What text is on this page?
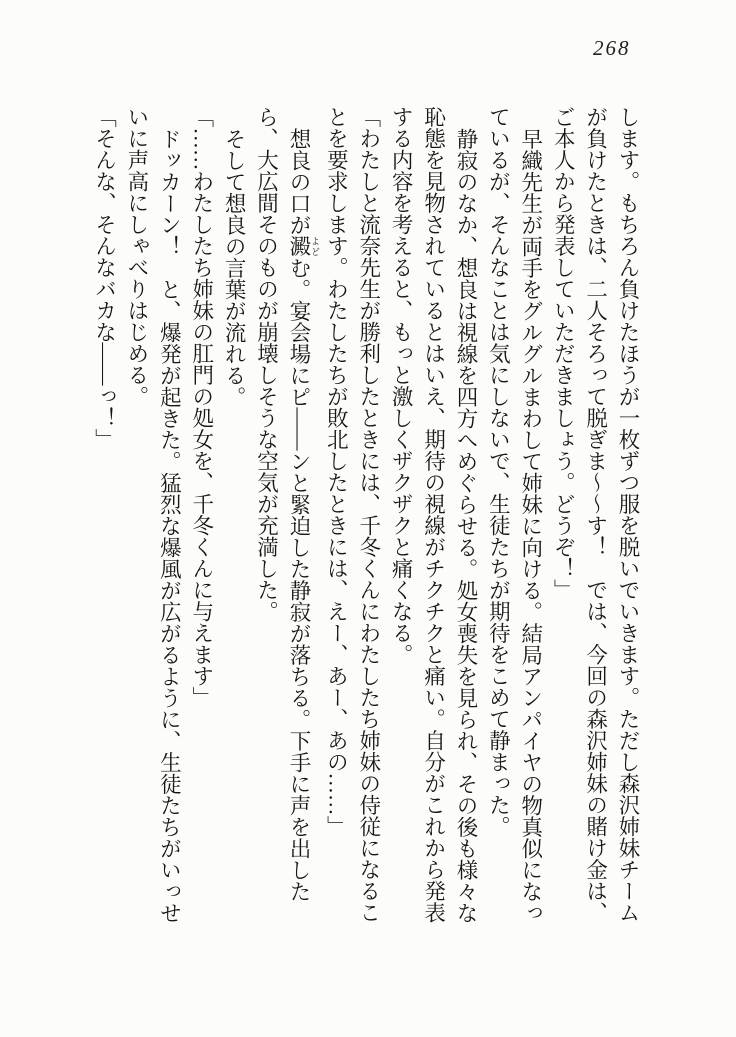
268

します。もちろん負けたほうが一枚ずつ服を脱いでいきます。ただし森沢姉妹チームが負けたときは、二人そろって脱ぎま～～す！　では、今回の森沢姉妹の賭け金は、ご本人から発表していただきましょう。どうぞ！」

早織先生が両手をグルグルまわして姉妹に向ける。結局アンパイヤの物真似になっているが、そんなことは気にしないで、生徒たちが期待をこめて静まった。

静寂のなか、想良は視線を四方へめぐらせる。処女喪失を見られ、その後も様々な恥態を見物されているとはいえ、期待の視線がチクチクと痛い。自分がこれから発表する内容を考えると、もっと激しくザクザクと痛くなる。

「わたしと流奈先生が勝利したときには、千冬くんにわたしたち姉妹の侍従になることを要求します。わたしたちが敗北したときには、えー、あー、あの……」

想良の口が澱 よどむ。宴会場にピ――ンと緊迫した静寂が落ちる。下手に声を出したら、大広間そのものが崩壊しそうな空気が充満した。

そして想良の言葉が流れる。

「……わたしたち姉妹の肛門の処女を、千冬くんに与えます」

ドッカーン！　と、爆発が起きた。猛烈な爆風が広がるように、生徒たちがいっせいに声高にしゃべりはじめる。

「そんな、そんなバカな――っ！」
